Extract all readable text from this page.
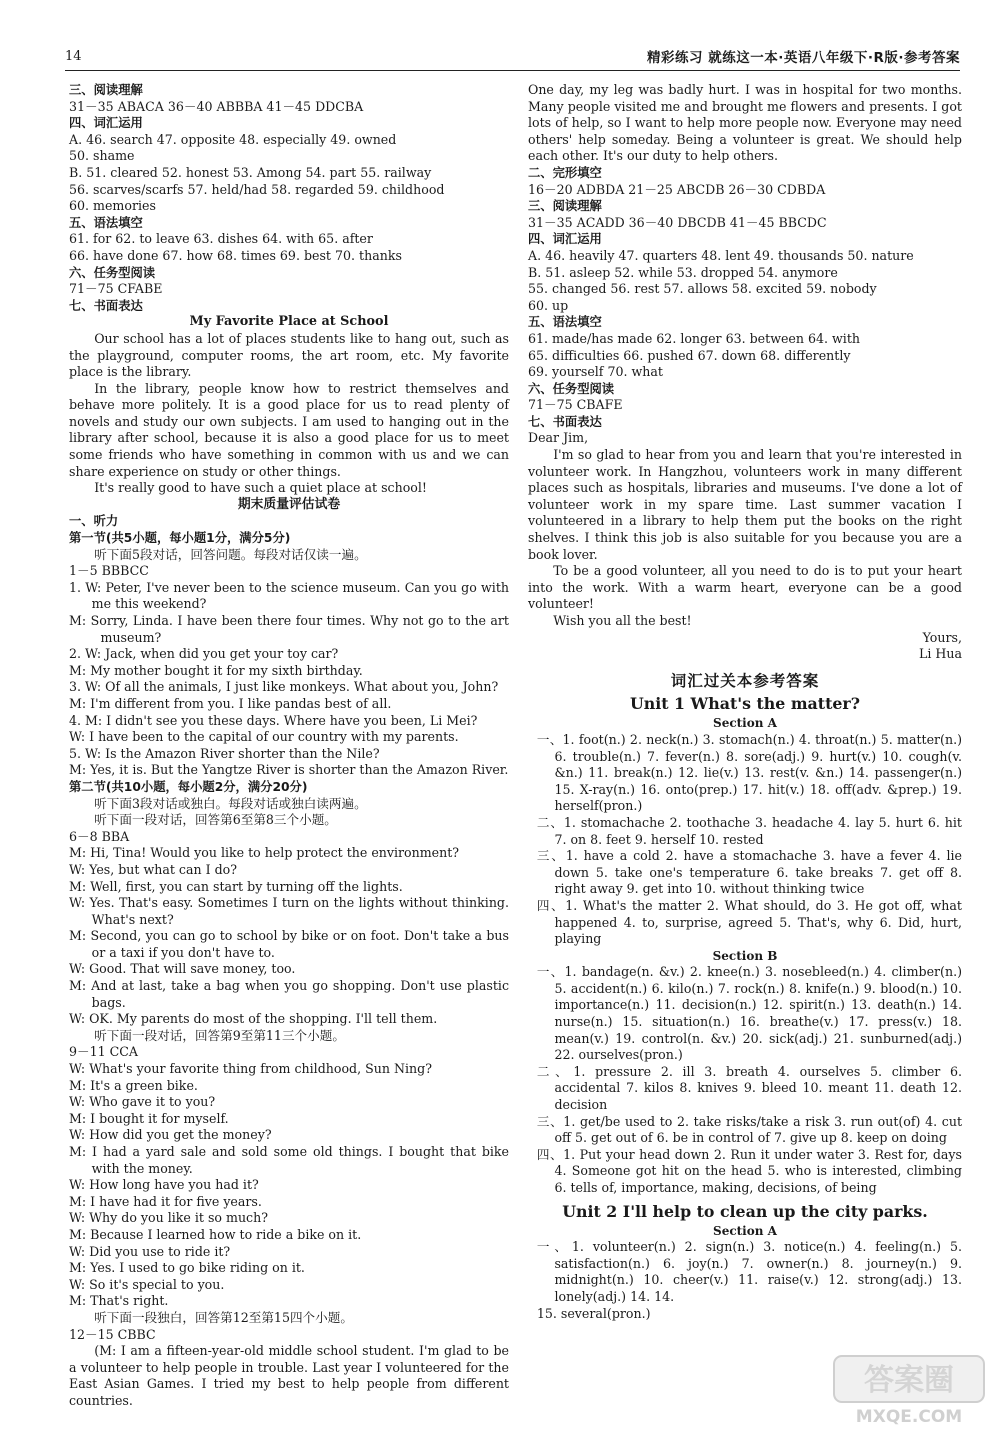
14	精彩练习 就练这一本·英语八年级下·R版·参考答案

三、阅读理解

31－35 ABACA 36－40 ABBBA 41－45 DDCBA

四、词汇运用

A. 46. search 47. opposite 48. especially 49. owned

50. shame

B. 51. cleared 52. honest 53. Among 54. part 55. railway

56. scarves/scarfs 57. held/had 58. regarded 59. childhood

60. memories

五、语法填空

61. for 62. to leave 63. dishes 64. with 65. after

66. have done 67. how 68. times 69. best 70. thanks

六、任务型阅读

71－75 CFABE

七、书面表达

My Favorite Place at School

Our school has a lot of places students like to hang out, such as the playground, computer rooms, the art room, etc. My favorite place is the library.

In the library, people know how to restrict themselves and behave more politely. It is a good place for us to read plenty of novels and study our own subjects. I am used to hanging out in the library after school, because it is also a good place for us to meet some friends who have something in common with us and we can share experience on study or other things.

It's really good to have such a quiet place at school!

期末质量评估试卷

一、听力

第一节(共5小题，每小题1分，满分5分)

听下面5段对话，回答问题。每段对话仅读一遍。

1－5 BBBCC

1. W: Peter, I've never been to the science museum. Can you go with me this weekend?

M: Sorry, Linda. I have been there four times. Why not go to the art museum?

2. W: Jack, when did you get your toy car?

M: My mother bought it for my sixth birthday.

3. W: Of all the animals, I just like monkeys. What about you, John?

M: I'm different from you. I like pandas best of all.

4. M: I didn't see you these days. Where have you been, Li Mei?

W: I have been to the capital of our country with my parents.

5. W: Is the Amazon River shorter than the Nile?

M: Yes, it is. But the Yangtze River is shorter than the Amazon River.

第二节(共10小题，每小题2分，满分20分)

听下面3段对话或独白。每段对话或独白读两遍。

听下面一段对话，回答第6至第8三个小题。

6－8 BBA

M: Hi, Tina! Would you like to help protect the environment?

W: Yes, but what can I do?

M: Well, first, you can start by turning off the lights.

W: Yes. That's easy. Sometimes I turn on the lights without thinking. What's next?

M: Second, you can go to school by bike or on foot. Don't take a bus or a taxi if you don't have to.

W: Good. That will save money, too.

M: And at last, take a bag when you go shopping. Don't use plastic bags.

W: OK. My parents do most of the shopping. I'll tell them.

听下面一段对话，回答第9至第11三个小题。

9－11 CCA

W: What's your favorite thing from childhood, Sun Ning?

M: It's a green bike.

W: Who gave it to you?

M: I bought it for myself.

W: How did you get the money?

M: I had a yard sale and sold some old things. I bought that bike with the money.

W: How long have you had it?

M: I have had it for five years.

W: Why do you like it so much?

M: Because I learned how to ride a bike on it.

W: Did you use to ride it?

M: Yes. I used to go bike riding on it.

W: So it's special to you.

M: That's right.

听下面一段独白，回答第12至第15四个小题。

12－15 CBBC

(M: I am a fifteen-year-old middle school student. I'm glad to be a volunteer to help people in trouble. Last year I volunteered for the East Asian Games. I tried my best to help people from different countries.

One day, my leg was badly hurt. I was in hospital for two months. Many people visited me and brought me flowers and presents. I got lots of help, so I want to help more people now. Everyone may need others' help someday. Being a volunteer is great. We should help each other. It's our duty to help others.

二、完形填空

16－20 ADBDA 21－25 ABCDB 26－30 CDBDA

三、阅读理解

31－35 ACADD 36－40 DBCDB 41－45 BBCDC

四、词汇运用

A. 46. heavily 47. quarters 48. lent 49. thousands 50. nature

B. 51. asleep 52. while 53. dropped 54. anymore

55. changed 56. rest 57. allows 58. excited 59. nobody

60. up

五、语法填空

61. made/has made 62. longer 63. between 64. with

65. difficulties 66. pushed 67. down 68. differently

69. yourself 70. what

六、任务型阅读

71－75 CBAFE

七、书面表达

Dear Jim,

I'm so glad to hear from you and learn that you're interested in volunteer work. In Hangzhou, volunteers work in many different places such as hospitals, libraries and museums. I've done a lot of volunteer work in my spare time. Last summer vacation I volunteered in a library to help them put the books on the right shelves. I think this job is also suitable for you because you are a book lover.

To be a good volunteer, all you need to do is to put your heart into the work. With a warm heart, everyone can be a good volunteer!

Wish you all the best!

Yours,

Li Hua

词汇过关本参考答案

Unit 1 What's the matter?

Section A

一、1. foot(n.) 2. neck(n.) 3. stomach(n.) 4. throat(n.) 5. matter(n.) 6. trouble(n.) 7. fever(n.) 8. sore(adj.) 9. hurt(v.) 10. cough(v. &n.) 11. break(n.) 12. lie(v.) 13. rest(v. &n.) 14. passenger(n.) 15. X-ray(n.) 16. onto(prep.) 17. hit(v.) 18. off(adv. &prep.) 19. herself(pron.)

二、1. stomachache 2. toothache 3. headache 4. lay 5. hurt 6. hit 7. on 8. feet 9. herself 10. rested

三、1. have a cold 2. have a stomachache 3. have a fever 4. lie down 5. take one's temperature 6. take breaks 7. get off 8. right away 9. get into 10. without thinking twice

四、1. What's the matter 2. What should, do 3. He got off, what happened 4. to, surprise, agreed 5. That's, why 6. Did, hurt, playing

Section B

一、1. bandage(n. &v.) 2. knee(n.) 3. nosebleed(n.) 4. climber(n.) 5. accident(n.) 6. kilo(n.) 7. rock(n.) 8. knife(n.) 9. blood(n.) 10. importance(n.) 11. decision(n.) 12. spirit(n.) 13. death(n.) 14. nurse(n.) 15. situation(n.) 16. breathe(v.) 17. press(v.) 18. mean(v.) 19. control(n. &v.) 20. sick(adj.) 21. sunburned(adj.) 22. ourselves(pron.)

二、1. pressure 2. ill 3. breath 4. ourselves 5. climber 6. accidental 7. kilos 8. knives 9. bleed 10. meant 11. death 12. decision

三、1. get/be used to 2. take risks/take a risk 3. run out(of) 4. cut off 5. get out of 6. be in control of 7. give up 8. keep on doing

四、1. Put your head down 2. Run it under water 3. Rest for, days 4. Someone got hit on the head 5. who is interested, climbing 6. tells of, importance, making, decisions, of being

Unit 2 I'll help to clean up the city parks.

Section A

一、1. volunteer(n.) 2. sign(n.) 3. notice(n.) 4. feeling(n.) 5. satisfaction(n.) 6. joy(n.) 7. owner(n.) 8. journey(n.) 9. midnight(n.) 10. cheer(v.) 11. raise(v.) 12. strong(adj.) 13. lonely(adj.) 14. 14.

15. several(pron.)

答案圈
MXQE.COM
